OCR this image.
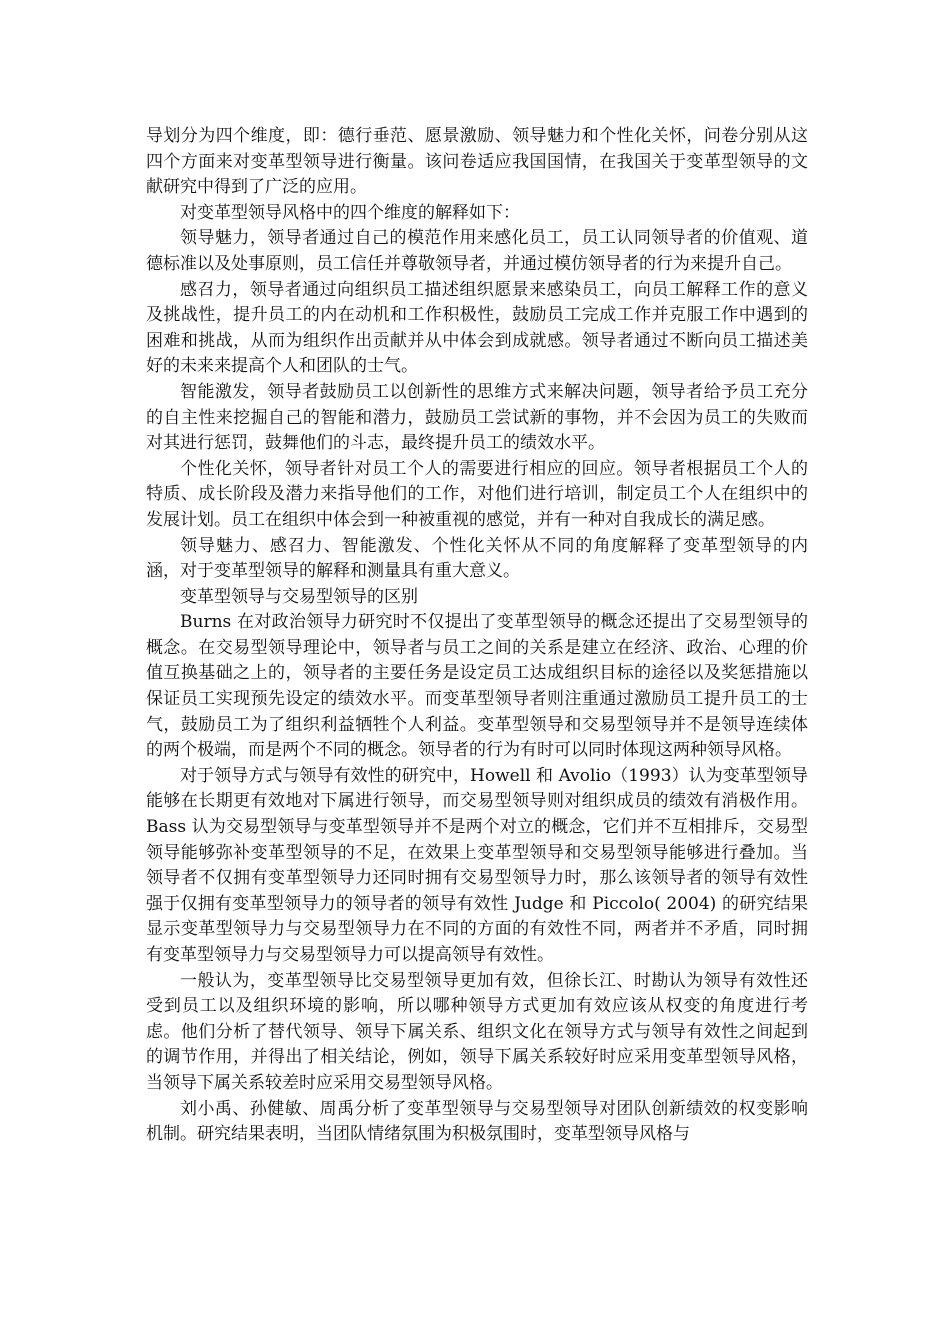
导划分为四个维度，即：德行垂范、愿景激励、领导魅力和个性化关怀，问卷分别从这四个方面来对变革型领导进行衡量。该问卷适应我国国情，在我国关于变革型领导的文献研究中得到了广泛的应用。

对变革型领导风格中的四个维度的解释如下：

领导魅力，领导者通过自己的模范作用来感化员工，员工认同领导者的价值观、道德标准以及处事原则，员工信任并尊敬领导者，并通过模仿领导者的行为来提升自己。

感召力，领导者通过向组织员工描述组织愿景来感染员工，向员工解释工作的意义及挑战性，提升员工的内在动机和工作积极性，鼓励员工完成工作并克服工作中遇到的困难和挑战，从而为组织作出贡献并从中体会到成就感。领导者通过不断向员工描述美好的未来来提高个人和团队的士气。

智能激发，领导者鼓励员工以创新性的思维方式来解决问题，领导者给予员工充分的自主性来挖掘自己的智能和潜力，鼓励员工尝试新的事物，并不会因为员工的失败而对其进行惩罚，鼓舞他们的斗志，最终提升员工的绩效水平。

个性化关怀，领导者针对员工个人的需要进行相应的回应。领导者根据员工个人的特质、成长阶段及潜力来指导他们的工作，对他们进行培训，制定员工个人在组织中的发展计划。员工在组织中体会到一种被重视的感觉，并有一种对自我成长的满足感。

领导魅力、感召力、智能激发、个性化关怀从不同的角度解释了变革型领导的内涵，对于变革型领导的解释和测量具有重大意义。

变革型领导与交易型领导的区别

Burns 在对政治领导力研究时不仅提出了变革型领导的概念还提出了交易型领导的概念。在交易型领导理论中，领导者与员工之间的关系是建立在经济、政治、心理的价值互换基础之上的，领导者的主要任务是设定员工达成组织目标的途径以及奖惩措施以保证员工实现预先设定的绩效水平。而变革型领导者则注重通过激励员工提升员工的士气，鼓励员工为了组织利益牺牲个人利益。变革型领导和交易型领导并不是领导连续体的两个极端，而是两个不同的概念。领导者的行为有时可以同时体现这两种领导风格。

对于领导方式与领导有效性的研究中，Howell 和 Avolio（1993）认为变革型领导能够在长期更有效地对下属进行领导，而交易型领导则对组织成员的绩效有消极作用。Bass 认为交易型领导与变革型领导并不是两个对立的概念，它们并不互相排斥，交易型领导能够弥补变革型领导的不足，在效果上变革型领导和交易型领导能够进行叠加。当领导者不仅拥有变革型领导力还同时拥有交易型领导力时，那么该领导者的领导有效性强于仅拥有变革型领导力的领导者的领导有效性 Judge 和 Piccolo( 2004) 的研究结果显示变革型领导力与交易型领导力在不同的方面的有效性不同，两者并不矛盾，同时拥有变革型领导力与交易型领导力可以提高领导有效性。

一般认为，变革型领导比交易型领导更加有效，但徐长江、时勘认为领导有效性还受到员工以及组织环境的影响，所以哪种领导方式更加有效应该从权变的角度进行考虑。他们分析了替代领导、领导下属关系、组织文化在领导方式与领导有效性之间起到的调节作用，并得出了相关结论，例如，领导下属关系较好时应采用变革型领导风格，当领导下属关系较差时应采用交易型领导风格。

刘小禹、孙健敏、周禹分析了变革型领导与交易型领导对团队创新绩效的权变影响机制。研究结果表明，当团队情绪氛围为积极氛围时，变革型领导风格与
